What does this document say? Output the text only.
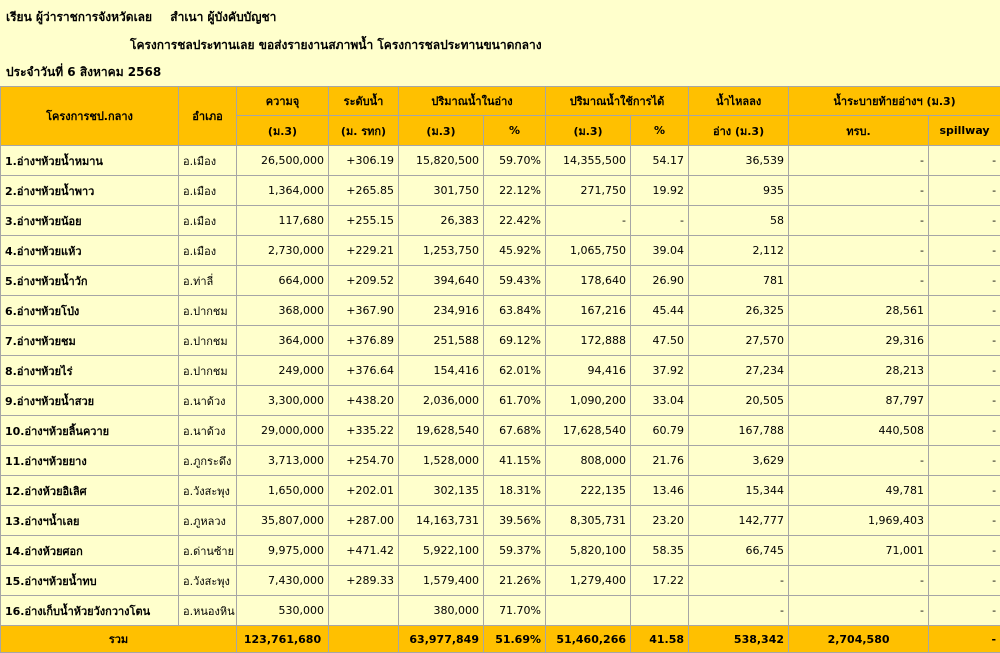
เรียน ผู้ว่าราชการจังหวัดเลย สำเนา ผู้บังคับบัญชา
โครงการชลประทานเลย ขอส่งรายงานสภาพน้ำ โครงการชลประทานขนาดกลาง
ประจำวันที่ 6 สิงหาคม 2568
โครงการชป.กลาง	อำเภอ	ความจุ	ระดับน้ำ	ปริมาณน้ำในอ่าง		ปริมาณน้ำใช้การได้		น้ำไหลลง	น้ำระบายท้ายอ่างฯ (ม.3)	
		(ม.3)	(ม. รทก)	(ม.3)	%	(ม.3)	%	อ่าง (ม.3)	ทรบ.	spillway
1.อ่างฯห้วยน้ำหมาน	อ.เมือง	26,500,000	+306.19	15,820,500	59.70%	14,355,500	54.17	36,539	-	-
2.อ่างฯห้วยน้ำพาว	อ.เมือง	1,364,000	+265.85	301,750	22.12%	271,750	19.92	935	-	-
3.อ่างฯห้วยน้อย	อ.เมือง	117,680	+255.15	26,383	22.42%	-	-	58	-	-
4.อ่างฯห้วยแห้ว	อ.เมือง	2,730,000	+229.21	1,253,750	45.92%	1,065,750	39.04	2,112	-	-
5.อ่างฯห้วยน้ำวัก	อ.ท่าลี่	664,000	+209.52	394,640	59.43%	178,640	26.90	781	-	-
6.อ่างฯห้วยโป่ง	อ.ปากชม	368,000	+367.90	234,916	63.84%	167,216	45.44	26,325	28,561	-
7.อ่างฯห้วยชม	อ.ปากชม	364,000	+376.89	251,588	69.12%	172,888	47.50	27,570	29,316	-
8.อ่างฯห้วยไร่	อ.ปากชม	249,000	+376.64	154,416	62.01%	94,416	37.92	27,234	28,213	-
9.อ่างฯห้วยน้ำสวย	อ.นาด้วง	3,300,000	+438.20	2,036,000	61.70%	1,090,200	33.04	20,505	87,797	-
10.อ่างฯห้วยลิ้นควาย	อ.นาด้วง	29,000,000	+335.22	19,628,540	67.68%	17,628,540	60.79	167,788	440,508	-
11.อ่างฯห้วยยาง	อ.ภูกระดึง	3,713,000	+254.70	1,528,000	41.15%	808,000	21.76	3,629	-	-
12.อ่างห้วยอิเลิศ	อ.วังสะพุง	1,650,000	+202.01	302,135	18.31%	222,135	13.46	15,344	49,781	-
13.อ่างฯน้ำเลย	อ.ภูหลวง	35,807,000	+287.00	14,163,731	39.56%	8,305,731	23.20	142,777	1,969,403	-
14.อ่างห้วยศอก	อ.ด่านซ้าย	9,975,000	+471.42	5,922,100	59.37%	5,820,100	58.35	66,745	71,001	-
15.อ่างฯห้วยน้ำทบ	อ.วังสะพุง	7,430,000	+289.33	1,579,400	21.26%	1,279,400	17.22	-	-	-
16.อ่างเก็บน้ำห้วยวังกวางโตน	อ.หนองหิน	530,000		380,000	71.70%			-	-	-
รวม		123,761,680		63,977,849	51.69%	51,460,266	41.58	538,342	2,704,580	-
